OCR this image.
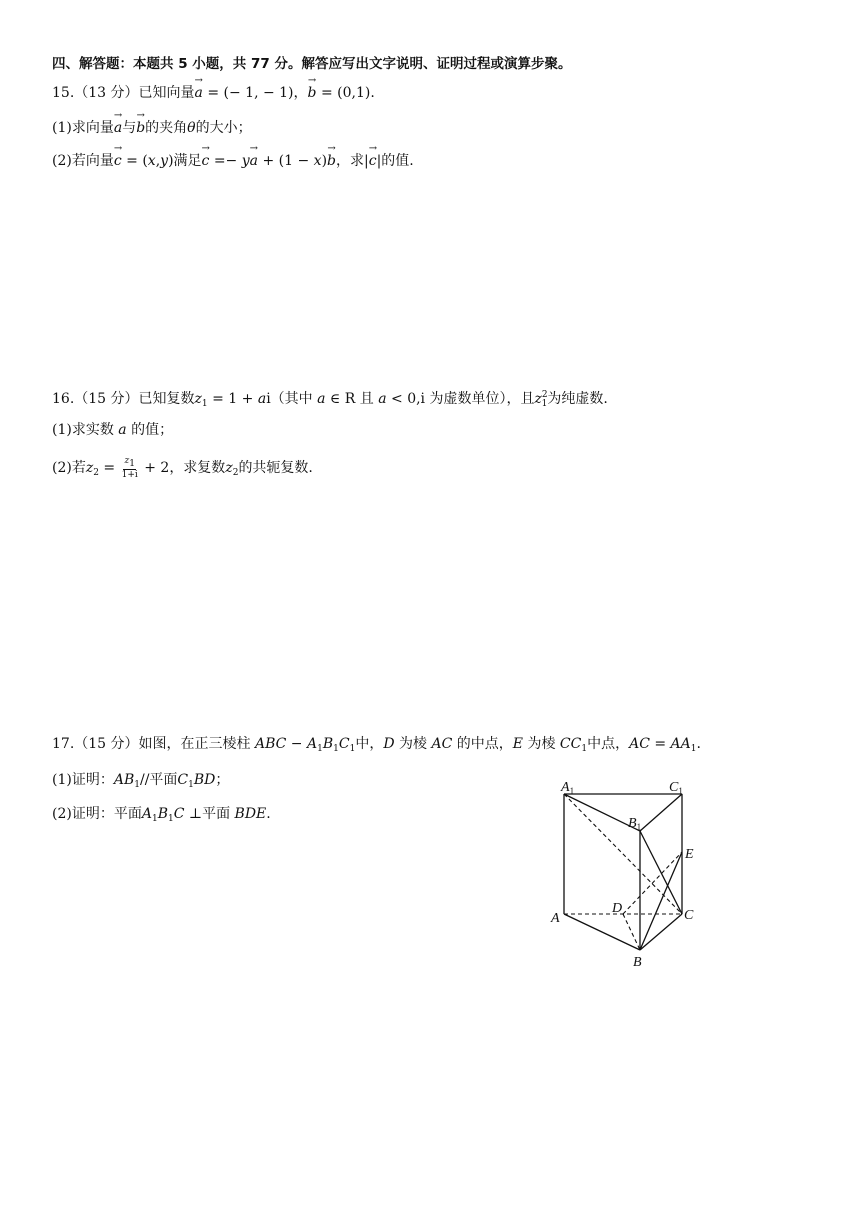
四、解答题：本题共 5 小题，共 77 分。解答应写出文字说明、证明过程或演算步聚。
15.（13 分）已知向量→ a = (− 1, − 1)，→ b = (0,1).
(1)求向量→ a与→ b的夹角θ的大小；
(2)若向量→ c = (x,y)满足→ c =− y→ a + (1 − x)→ b，求|→ c|的值.
16.（15 分）已知复数$z_1 = 1 + ai$（其中 a ∈ R 且 a < 0,i 为虚数单位），且$z^2_1$为纯虚数.
(1)求实数 a 的值；
(2)若$z_2 = \frac{z_1}{1+i} + 2$，求复数$z_2$的共轭复数.
17.（15 分）如图，在正三棱柱 ABC − $A_1B_1C_1$中，D 为棱 AC 的中点，E 为棱 $CC_1$中点，AC = $AA_1$.
(1)证明：$AB_1//$平面$C_1BD$；
(2)证明：平面$A_1B_1C$ ⊥平面 BDE.
$A_1$	$C_1$
$B_1$
E
D
A	C
B
